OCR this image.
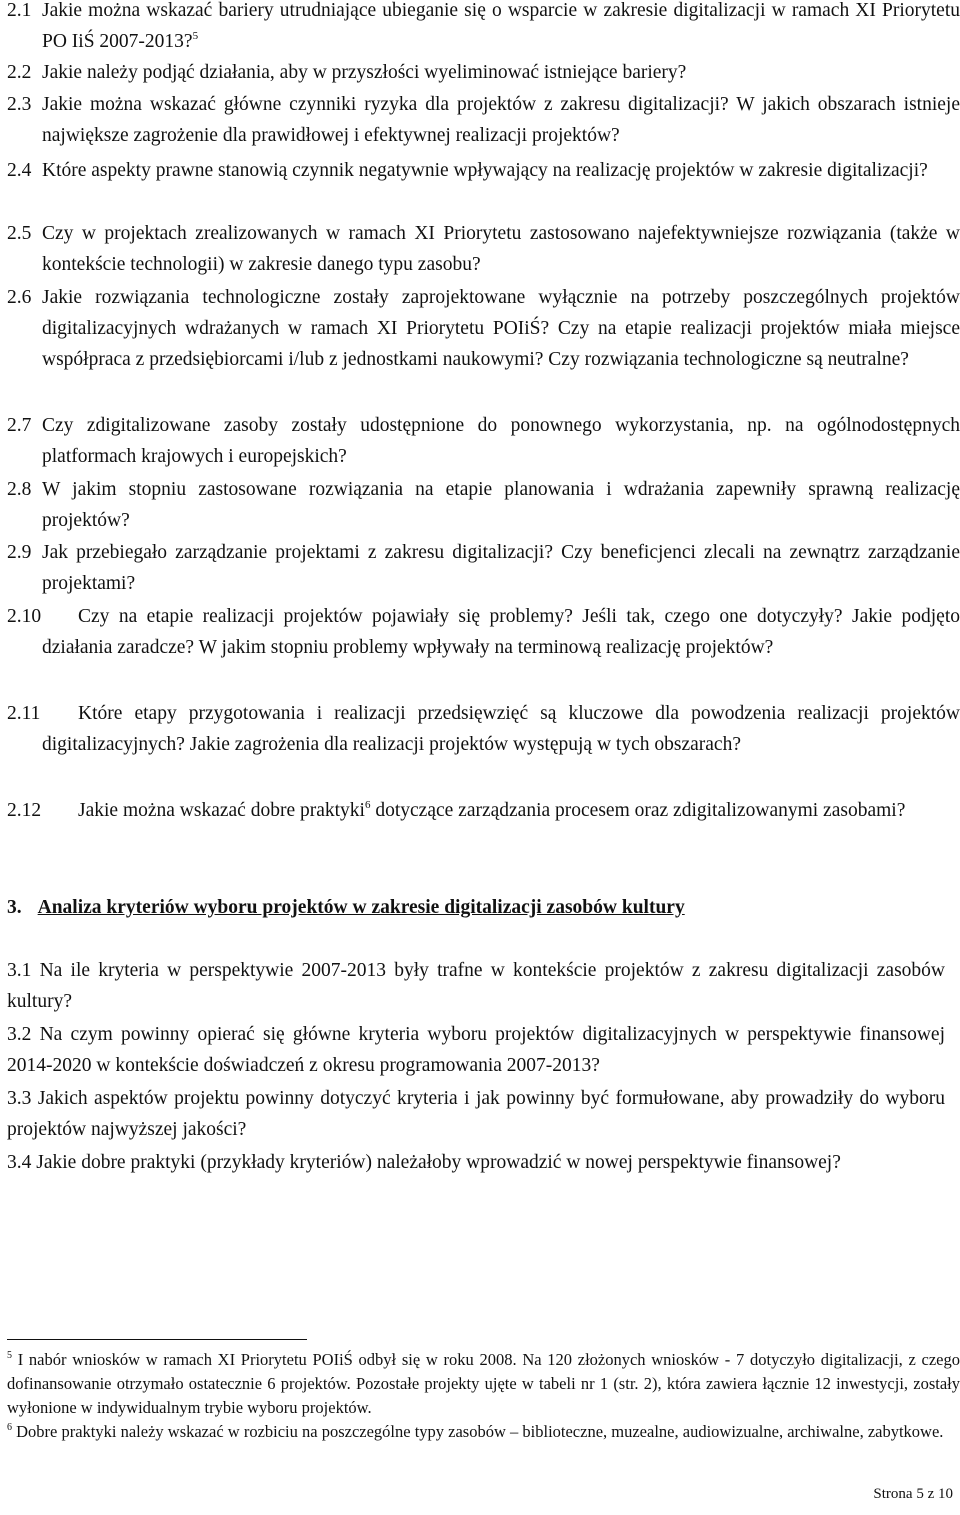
2.1 Jakie można wskazać bariery utrudniające ubieganie się o wsparcie w zakresie digitalizacji w ramach XI Priorytetu PO IiŚ 2007-2013?$^5$
2.2 Jakie należy podjąć działania, aby w przyszłości wyeliminować istniejące bariery?
2.3 Jakie można wskazać główne czynniki ryzyka dla projektów z zakresu digitalizacji? W jakich obszarach istnieje największe zagrożenie dla prawidłowej i efektywnej realizacji projektów?
2.4 Które aspekty prawne stanowią czynnik negatywnie wpływający na realizację projektów w zakresie digitalizacji?
2.5 Czy w projektach zrealizowanych w ramach XI Priorytetu zastosowano najefektywniejsze rozwiązania (także w kontekście technologii) w zakresie danego typu zasobu?
2.6 Jakie rozwiązania technologiczne zostały zaprojektowane wyłącznie na potrzeby poszczególnych projektów digitalizacyjnych wdrażanych w ramach XI Priorytetu POIiŚ? Czy na etapie realizacji projektów miała miejsce współpraca z przedsiębiorcami i/lub z jednostkami naukowymi? Czy rozwiązania technologiczne są neutralne?
2.7 Czy zdigitalizowane zasoby zostały udostępnione do ponownego wykorzystania, np. na ogólnodostępnych platformach krajowych i europejskich?
2.8 W jakim stopniu zastosowane rozwiązania na etapie planowania i wdrażania zapewniły sprawną realizację projektów?
2.9 Jak przebiegało zarządzanie projektami z zakresu digitalizacji? Czy beneficjenci zlecali na zewnątrz zarządzanie projektami?
2.10 Czy na etapie realizacji projektów pojawiały się problemy? Jeśli tak, czego one dotyczyły? Jakie podjęto działania zaradcze? W jakim stopniu problemy wpływały na terminową realizację projektów?
2.11 Które etapy przygotowania i realizacji przedsięwzięć są kluczowe dla powodzenia realizacji projektów digitalizacyjnych? Jakie zagrożenia dla realizacji projektów występują w tych obszarach?
2.12 Jakie można wskazać dobre praktyki$^6$ dotyczące zarządzania procesem oraz zdigitalizowanymi zasobami?
3. Analiza kryteriów wyboru projektów w zakresie digitalizacji zasobów kultury
3.1 Na ile kryteria w perspektywie 2007-2013 były trafne w kontekście projektów z zakresu digitalizacji zasobów kultury?
3.2 Na czym powinny opierać się główne kryteria wyboru projektów digitalizacyjnych w perspektywie finansowej 2014-2020 w kontekście doświadczeń z okresu programowania 2007-2013?
3.3 Jakich aspektów projektu powinny dotyczyć kryteria i jak powinny być formułowane, aby prowadziły do wyboru projektów najwyższej jakości?
3.4 Jakie dobre praktyki (przykłady kryteriów) należałoby wprowadzić w nowej perspektywie finansowej?
$^5$ I nabór wniosków w ramach XI Priorytetu POIiŚ odbył się w roku 2008. Na 120 złożonych wniosków - 7 dotyczyło digitalizacji, z czego dofinansowanie otrzymało ostatecznie 6 projektów. Pozostałe projekty ujęte w tabeli nr 1 (str. 2), która zawiera łącznie 12 inwestycji, zostały wyłonione w indywidualnym trybie wyboru projektów.
$^6$ Dobre praktyki należy wskazać w rozbiciu na poszczególne typy zasobów – biblioteczne, muzealne, audiowizualne, archiwalne, zabytkowe.
Strona 5 z 10
